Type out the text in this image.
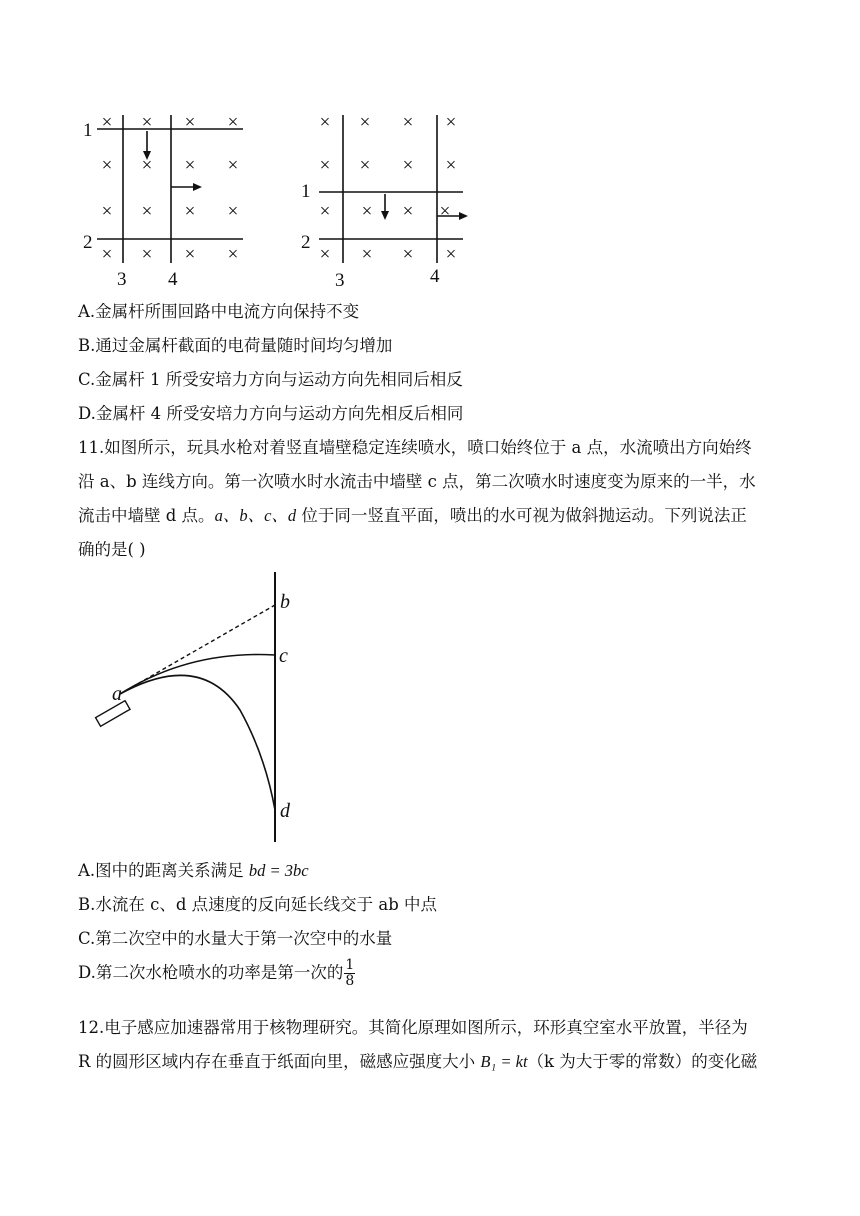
× × × ×
× × × ×
× × × ×
× × × ×
× × × ×
× × × ×
× × × ×
× × × ×
1
2
3 4
1
2
3	4
A.金属杆所围回路中电流方向保持不变
B.通过金属杆截面的电荷量随时间均匀增加
C.金属杆 1 所受安培力方向与运动方向先相同后相反
D.金属杆 4 所受安培力方向与运动方向先相反后相同
11.如图所示，玩具水枪对着竖直墙壁稳定连续喷水，喷口始终位于 a 点，水流喷出方向始终
沿 a、b 连线方向。第一次喷水时水流击中墙壁 c 点，第二次喷水时速度变为原来的一半，水
流击中墙壁 d 点。a、b、c、d 位于同一竖直平面，喷出的水可视为做斜抛运动。下列说法正
确的是( )
b
c
a
d
A.图中的距离关系满足 bd = 3bc
B.水流在 c、d 点速度的反向延长线交于 ab 中点
C.第二次空中的水量大于第一次空中的水量
D.第二次水枪喷水的功率是第一次的 $\frac{1}{8}$
12.电子感应加速器常用于核物理研究。其简化原理如图所示，环形真空室水平放置，半径为
R 的圆形区域内存在垂直于纸面向里，磁感应强度大小 B₁ = kt（k 为大于零的常数）的变化磁
